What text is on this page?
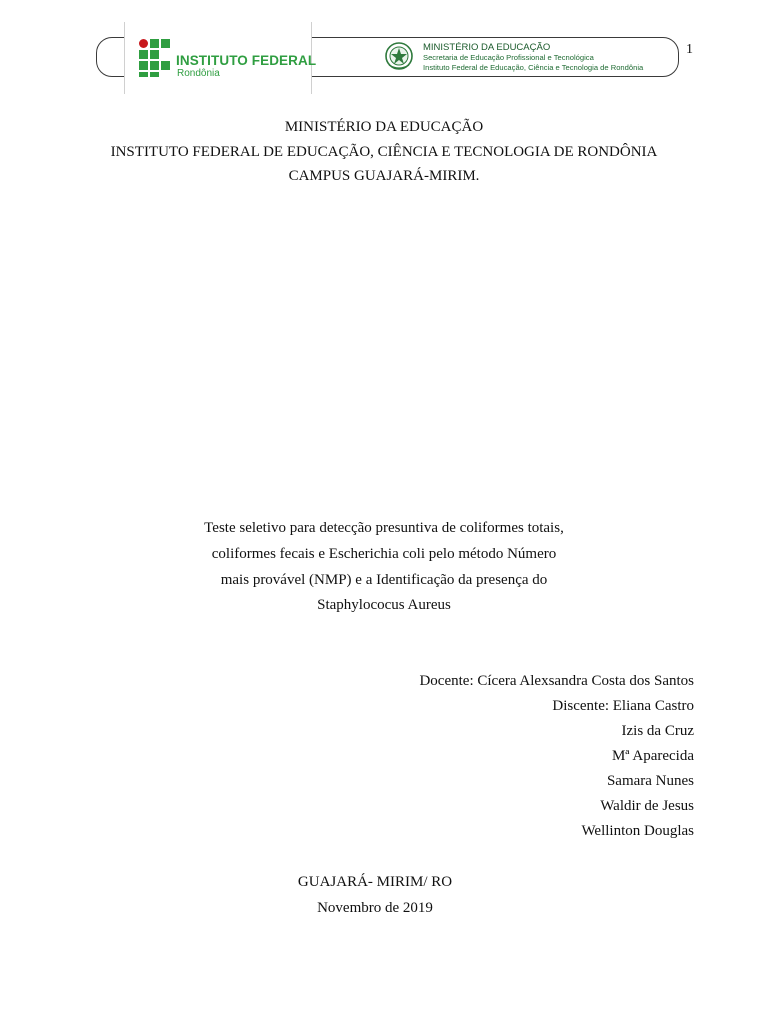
INSTITUTO FEDERAL
Rondônia
MINISTÉRIO DA EDUCAÇÃO
Secretaria de Educação Profissional e Tecnológica
Instituto Federal de Educação, Ciência e Tecnologia de Rondônia
1
MINISTÉRIO DA EDUCAÇÃO
INSTITUTO FEDERAL DE EDUCAÇÃO, CIÊNCIA E TECNOLOGIA DE RONDÔNIA
CAMPUS GUAJARÁ-MIRIM.
Teste seletivo para detecção presuntiva de coliformes totais,
coliformes fecais e Escherichia coli pelo método Número
mais provável (NMP) e a Identificação da presença do
Staphylococus Aureus
Docente: Cícera Alexsandra Costa dos Santos
Discente: Eliana Castro
Izis da Cruz
Mª Aparecida
Samara Nunes
Waldir de Jesus
Wellinton Douglas
GUAJARÁ- MIRIM/ RO
Novembro de 2019
